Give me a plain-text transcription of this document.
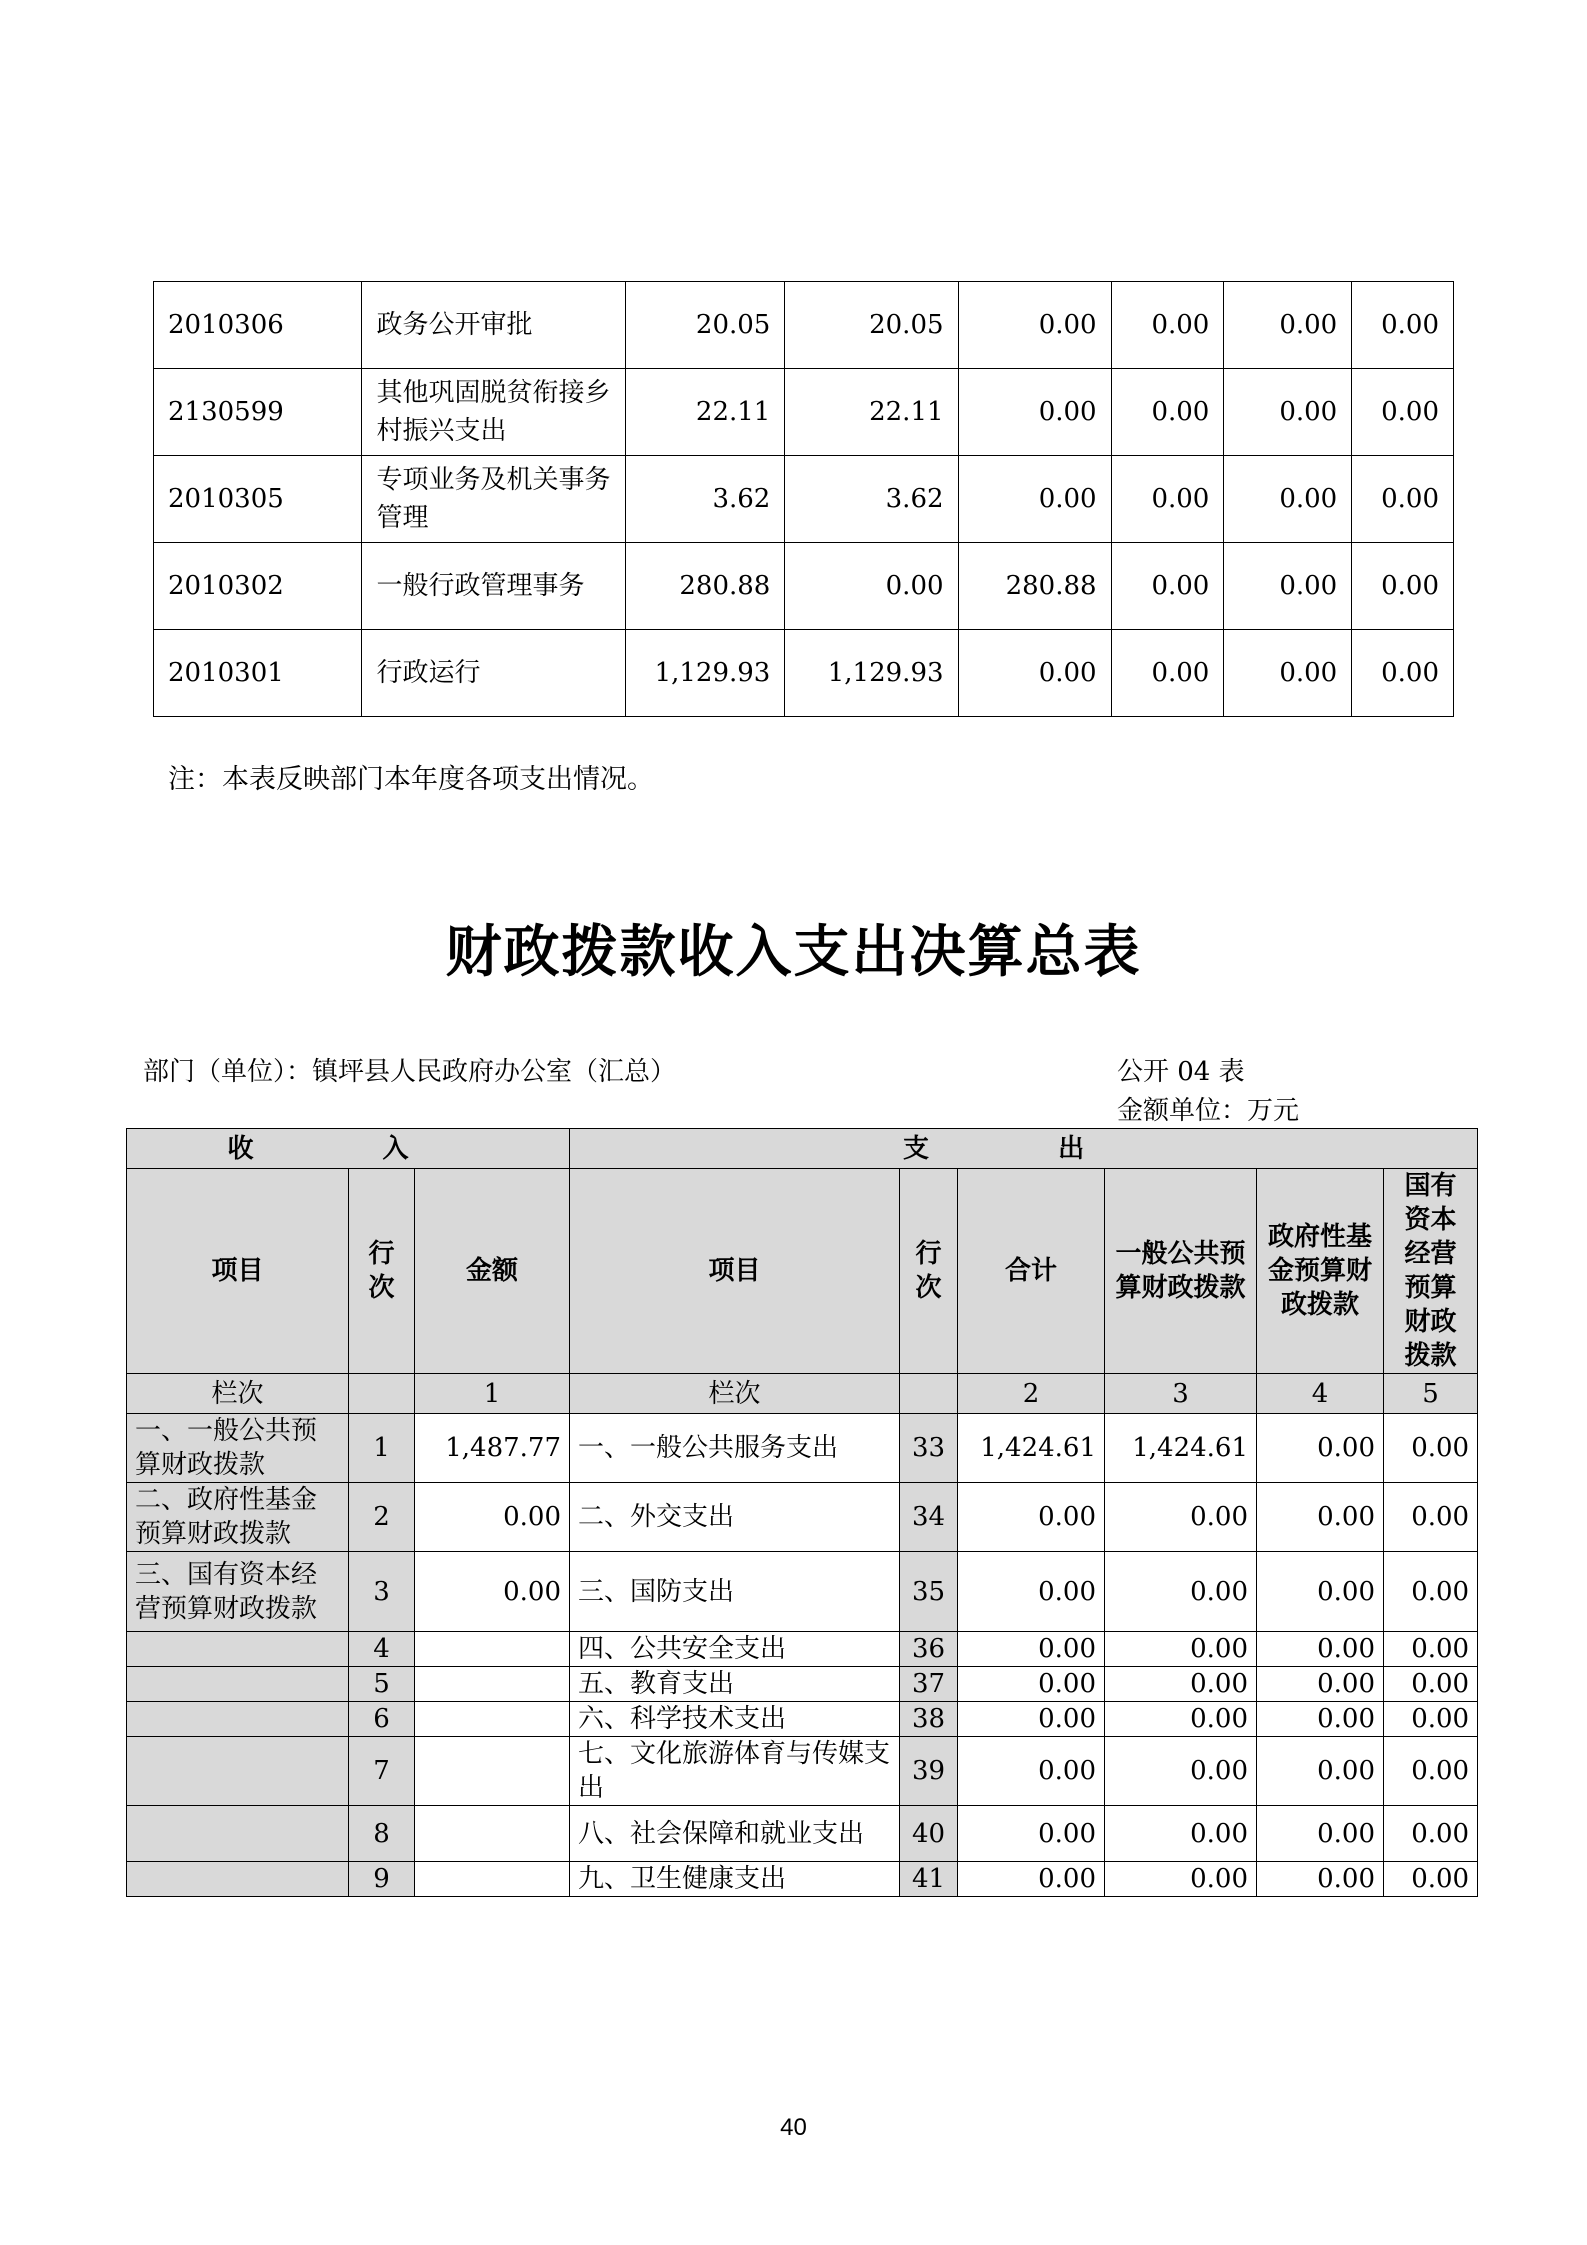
2010306	政务公开审批	20.05	20.05	0.00	0.00	0.00	0.00
2130599	其他巩固脱贫衔接乡村振兴支出	22.11	22.11	0.00	0.00	0.00	0.00
2010305	专项业务及机关事务管理	3.62	3.62	0.00	0.00	0.00	0.00
2010302	一般行政管理事务	280.88	0.00	280.88	0.00	0.00	0.00
2010301	行政运行	1,129.93	1,129.93	0.00	0.00	0.00	0.00
注：本表反映部门本年度各项支出情况。
财政拨款收入支出决算总表
部门（单位）：镇坪县人民政府办公室（汇总）	公开 04 表
金额单位：万元
收 入			支 出					
项目	行次	金额	项目	行次	合计	一般公共预算财政拨款	政府性基金预算财政拨款	国有资本经营预算财政拨款
栏次		1	栏次		2	3	4	5
一、一般公共预算财政拨款	1	1,487.77	一、一般公共服务支出	33	1,424.61	1,424.61	0.00	0.00
二、政府性基金预算财政拨款	2	0.00	二、外交支出	34	0.00	0.00	0.00	0.00
三、国有资本经营预算财政拨款	3	0.00	三、国防支出	35	0.00	0.00	0.00	0.00
	4		四、公共安全支出	36	0.00	0.00	0.00	0.00
	5		五、教育支出	37	0.00	0.00	0.00	0.00
	6		六、科学技术支出	38	0.00	0.00	0.00	0.00
	7		七、文化旅游体育与传媒支出	39	0.00	0.00	0.00	0.00
	8		八、社会保障和就业支出	40	0.00	0.00	0.00	0.00
	9		九、卫生健康支出	41	0.00	0.00	0.00	0.00
40
